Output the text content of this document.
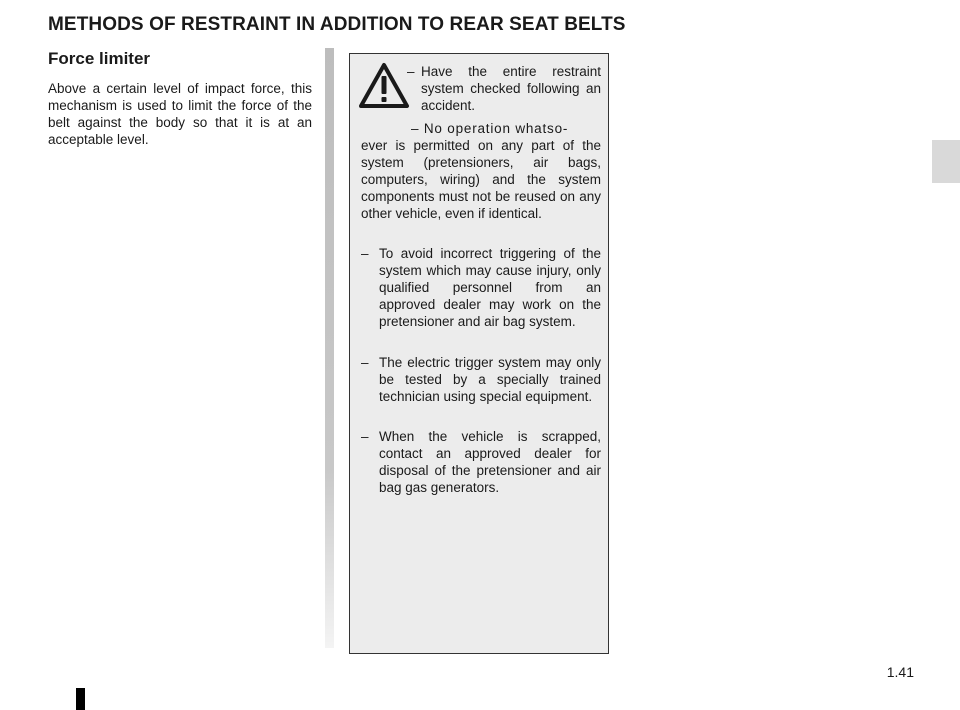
METHODS OF RESTRAINT IN ADDITION TO REAR SEAT BELTS
Force limiter

Above a certain level of impact force, this mechanism is used to limit the force of the belt against the body so that it is at an acceptable level.

– Have the entire restraint system checked following an accident.
– No operation whatso-
ever is permitted on any part of the system (pretensioners, air bags, computers, wiring) and the system components must not be reused on any other vehicle, even if identical.
– To avoid incorrect triggering of the system which may cause injury, only qualified personnel from an approved dealer may work on the pretensioner and air bag system.
– The electric trigger system may only be tested by a specially trained technician using special equipment.
– When the vehicle is scrapped, contact an approved dealer for disposal of the pretensioner and air bag gas generators.
1.41
